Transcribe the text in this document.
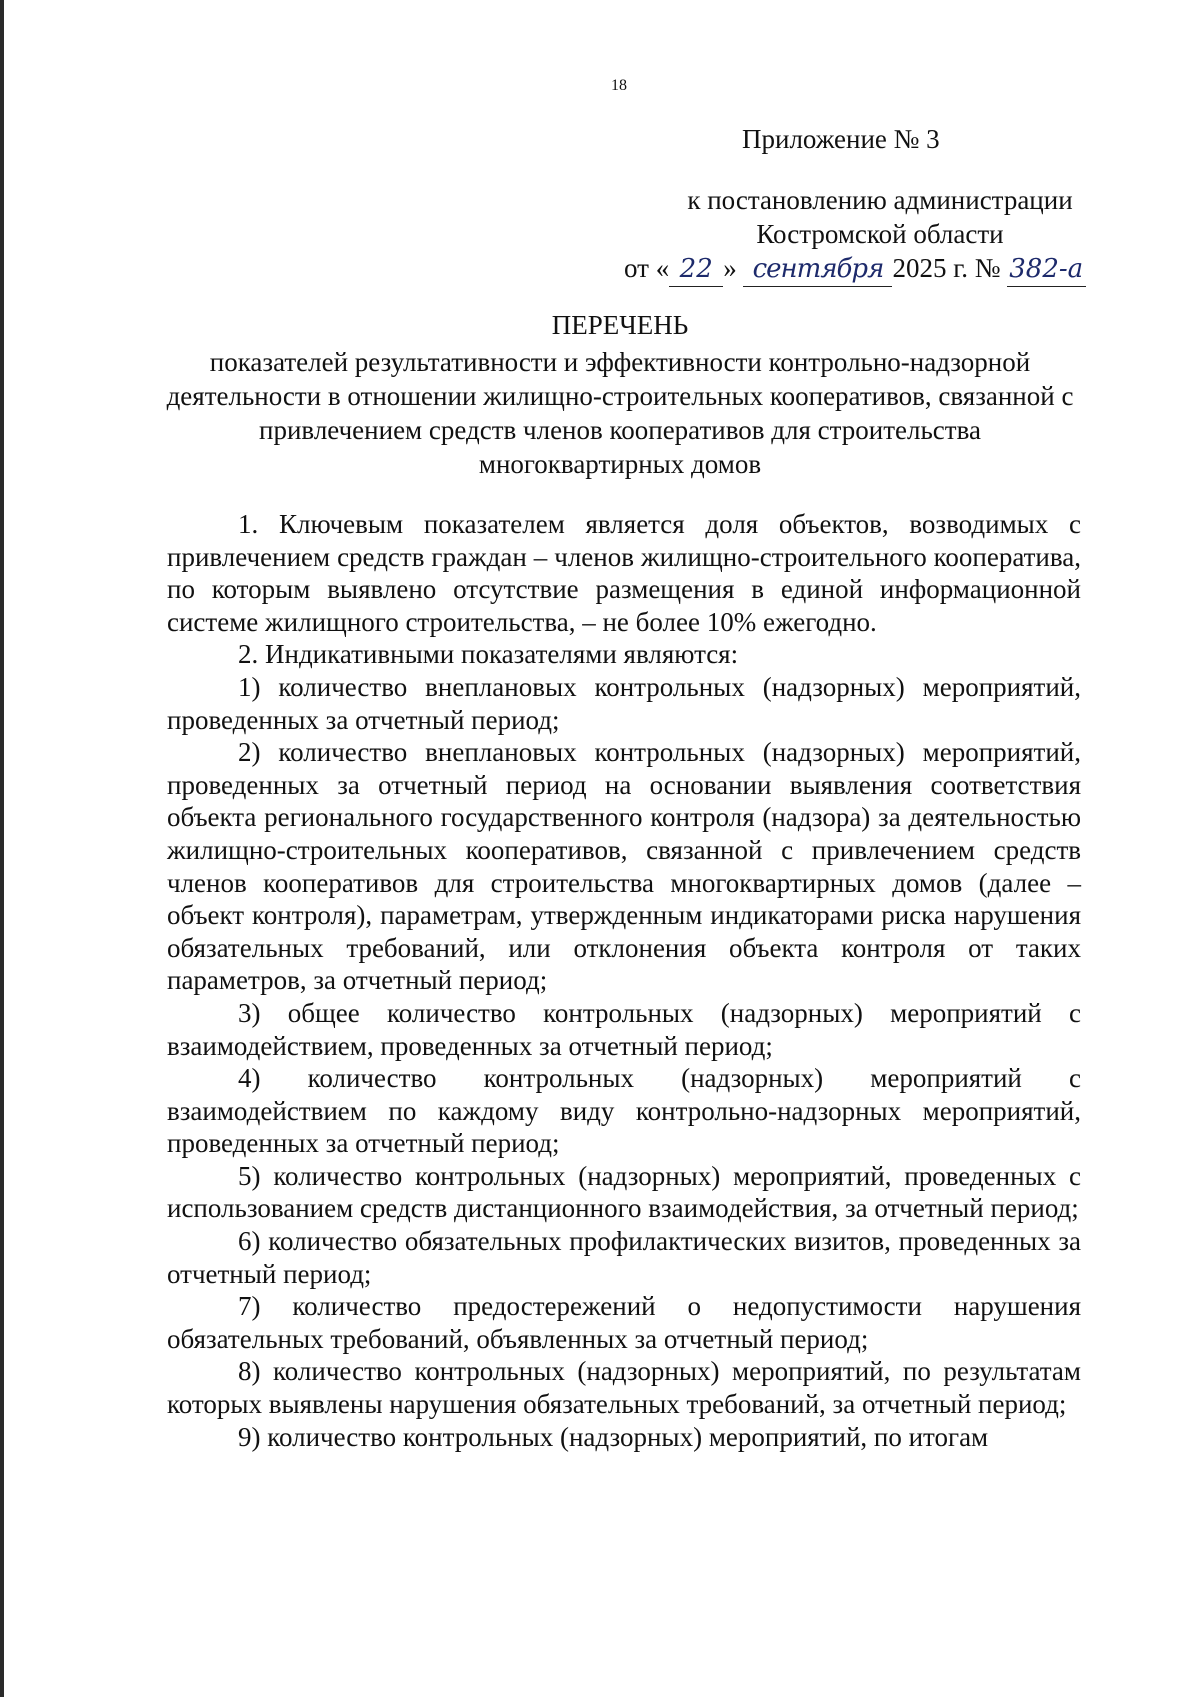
18
Приложение № 3
к постановлению администрации
Костромской области
от « 22 » сентября 2025 г. № 382-а
ПЕРЕЧЕНЬ
показателей результативности и эффективности контрольно-надзорной деятельности в отношении жилищно-строительных кооперативов, связанной с привлечением средств членов кооперативов для строительства многоквартирных домов

1. Ключевым показателем является доля объектов, возводимых с привлечением средств граждан – членов жилищно-строительного кооператива, по которым выявлено отсутствие размещения в единой информационной системе жилищного строительства, – не более 10% ежегодно.

2. Индикативными показателями являются:

1) количество внеплановых контрольных (надзорных) мероприятий, проведенных за отчетный период;

2) количество внеплановых контрольных (надзорных) мероприятий, проведенных за отчетный период на основании выявления соответствия объекта регионального государственного контроля (надзора) за деятельностью жилищно-строительных кооперативов, связанной с привлечением средств членов кооперативов для строительства многоквартирных домов (далее – объект контроля), параметрам, утвержденным индикаторами риска нарушения обязательных требований, или отклонения объекта контроля от таких параметров, за отчетный период;

3) общее количество контрольных (надзорных) мероприятий с взаимодействием, проведенных за отчетный период;

4) количество контрольных (надзорных) мероприятий с взаимодействием по каждому виду контрольно-надзорных мероприятий, проведенных за отчетный период;

5) количество контрольных (надзорных) мероприятий, проведенных с использованием средств дистанционного взаимодействия, за отчетный период;

6) количество обязательных профилактических визитов, проведенных за отчетный период;

7) количество предостережений о недопустимости нарушения обязательных требований, объявленных за отчетный период;

8) количество контрольных (надзорных) мероприятий, по результатам которых выявлены нарушения обязательных требований, за отчетный период;

9) количество контрольных (надзорных) мероприятий, по итогам
